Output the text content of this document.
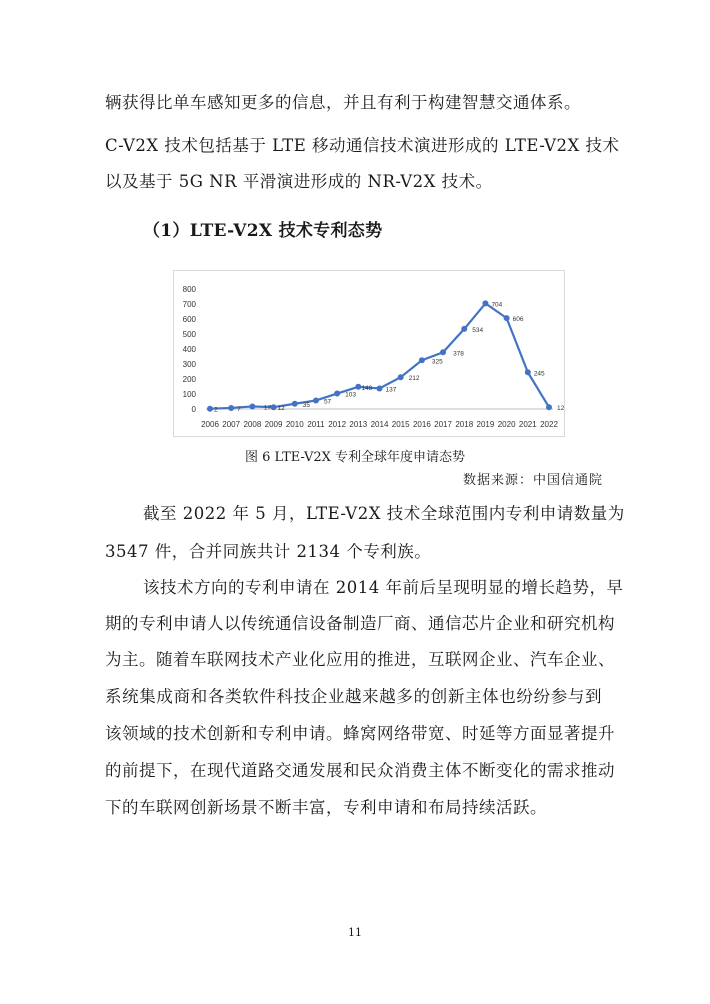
辆获得比单车感知更多的信息，并且有利于构建智慧交通体系。
C-V2X 技术包括基于 LTE 移动通信技术演进形成的 LTE-V2X 技术
以及基于 5G NR 平滑演进形成的 NR-V2X 技术。
（1）LTE-V2X 技术专利态势
0
100
200
300
400
500
600
700
800
2006 2007 2008 2009 2010 2011 2012 2013 2014 2015 2016 2017 2018 2019 2020 2021 2022
2	7	17 12	35 57
103
148 137
212
325
378
534
704
606
245
12
图 6 LTE-V2X 专利全球年度申请态势
数据来源：中国信通院
截至 2022 年 5 月，LTE-V2X 技术全球范围内专利申请数量为
3547 件，合并同族共计 2134 个专利族。
该技术方向的专利申请在 2014 年前后呈现明显的增长趋势，早
期的专利申请人以传统通信设备制造厂商、通信芯片企业和研究机构
为主。随着车联网技术产业化应用的推进，互联网企业、汽车企业、
系统集成商和各类软件科技企业越来越多的创新主体也纷纷参与到
该领域的技术创新和专利申请。蜂窝网络带宽、时延等方面显著提升
的前提下，在现代道路交通发展和民众消费主体不断变化的需求推动
下的车联网创新场景不断丰富，专利申请和布局持续活跃。
11
